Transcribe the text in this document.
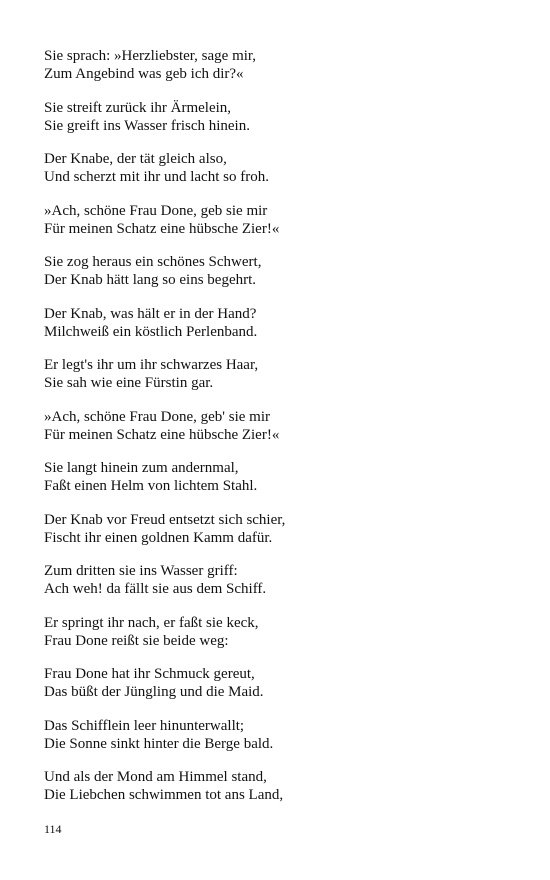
Sie sprach: »Herzliebster, sage mir,
Zum Angebind was geb ich dir?«
Sie streift zurück ihr Ärmelein,
Sie greift ins Wasser frisch hinein.
Der Knabe, der tät gleich also,
Und scherzt mit ihr und lacht so froh.
»Ach, schöne Frau Done, geb sie mir
Für meinen Schatz eine hübsche Zier!«
Sie zog heraus ein schönes Schwert,
Der Knab hätt lang so eins begehrt.
Der Knab, was hält er in der Hand?
Milchweiß ein köstlich Perlenband.
Er legt's ihr um ihr schwarzes Haar,
Sie sah wie eine Fürstin gar.
»Ach, schöne Frau Done, geb' sie mir
Für meinen Schatz eine hübsche Zier!«
Sie langt hinein zum andernmal,
Faßt einen Helm von lichtem Stahl.
Der Knab vor Freud entsetzt sich schier,
Fischt ihr einen goldnen Kamm dafür.
Zum dritten sie ins Wasser griff:
Ach weh! da fällt sie aus dem Schiff.
Er springt ihr nach, er faßt sie keck,
Frau Done reißt sie beide weg:
Frau Done hat ihr Schmuck gereut,
Das büßt der Jüngling und die Maid.
Das Schifflein leer hinunterwallt;
Die Sonne sinkt hinter die Berge bald.
Und als der Mond am Himmel stand,
Die Liebchen schwimmen tot ans Land,
114
